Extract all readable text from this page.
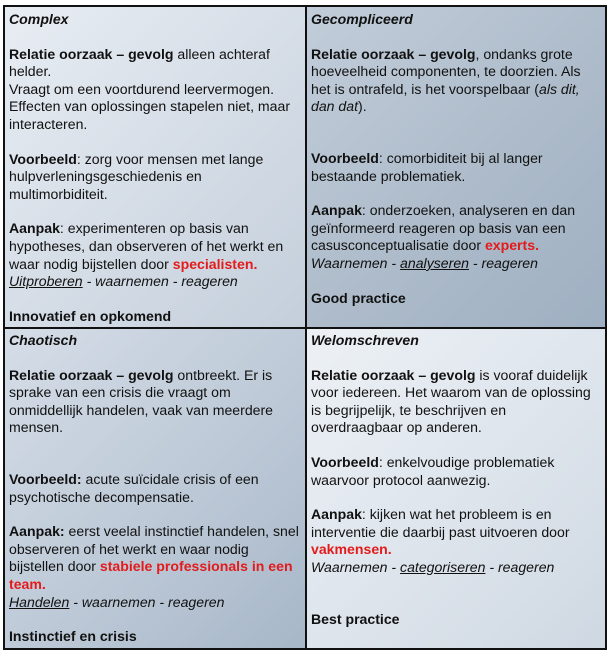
Complex

Relatie oorzaak – gevolg alleen achteraf helder.

Vraagt om een voortdurend leervermogen.

Effecten van oplossingen stapelen niet, maar interacteren.

Voorbeeld: zorg voor mensen met lange hulpverleningsgeschiedenis en multimorbiditeit.

Aanpak: experimenteren op basis van hypotheses, dan observeren of het werkt en waar nodig bijstellen door specialisten.

Uitproberen - waarnemen - reageren

Innovatief en opkomend

Gecompliceerd

Relatie oorzaak – gevolg, ondanks grote hoeveelheid componenten, te doorzien. Als het is ontrafeld, is het voorspelbaar (als dit, dan dat).

Voorbeeld: comorbiditeit bij al langer bestaande problematiek.

Aanpak: onderzoeken, analyseren en dan geïnformeerd reageren op basis van een casusconceptualisatie door experts.

Waarnemen - analyseren - reageren

Good practice

Chaotisch

Relatie oorzaak – gevolg ontbreekt. Er is sprake van een crisis die vraagt om onmiddellijk handelen, vaak van meerdere mensen.

Voorbeeld: acute suïcidale crisis of een psychotische decompensatie.

Aanpak: eerst veelal instinctief handelen, snel observeren of het werkt en waar nodig bijstellen door stabiele professionals in een team.

Handelen - waarnemen - reageren

Instinctief en crisis

Welomschreven

Relatie oorzaak – gevolg is vooraf duidelijk voor iedereen. Het waarom van de oplossing is begrijpelijk, te beschrijven en overdraagbaar op anderen.

Voorbeeld: enkelvoudige problematiek waarvoor protocol aanwezig.

Aanpak: kijken wat het probleem is en interventie die daarbij past uitvoeren door vakmensen.

Waarnemen - categoriseren - reageren

Best practice
